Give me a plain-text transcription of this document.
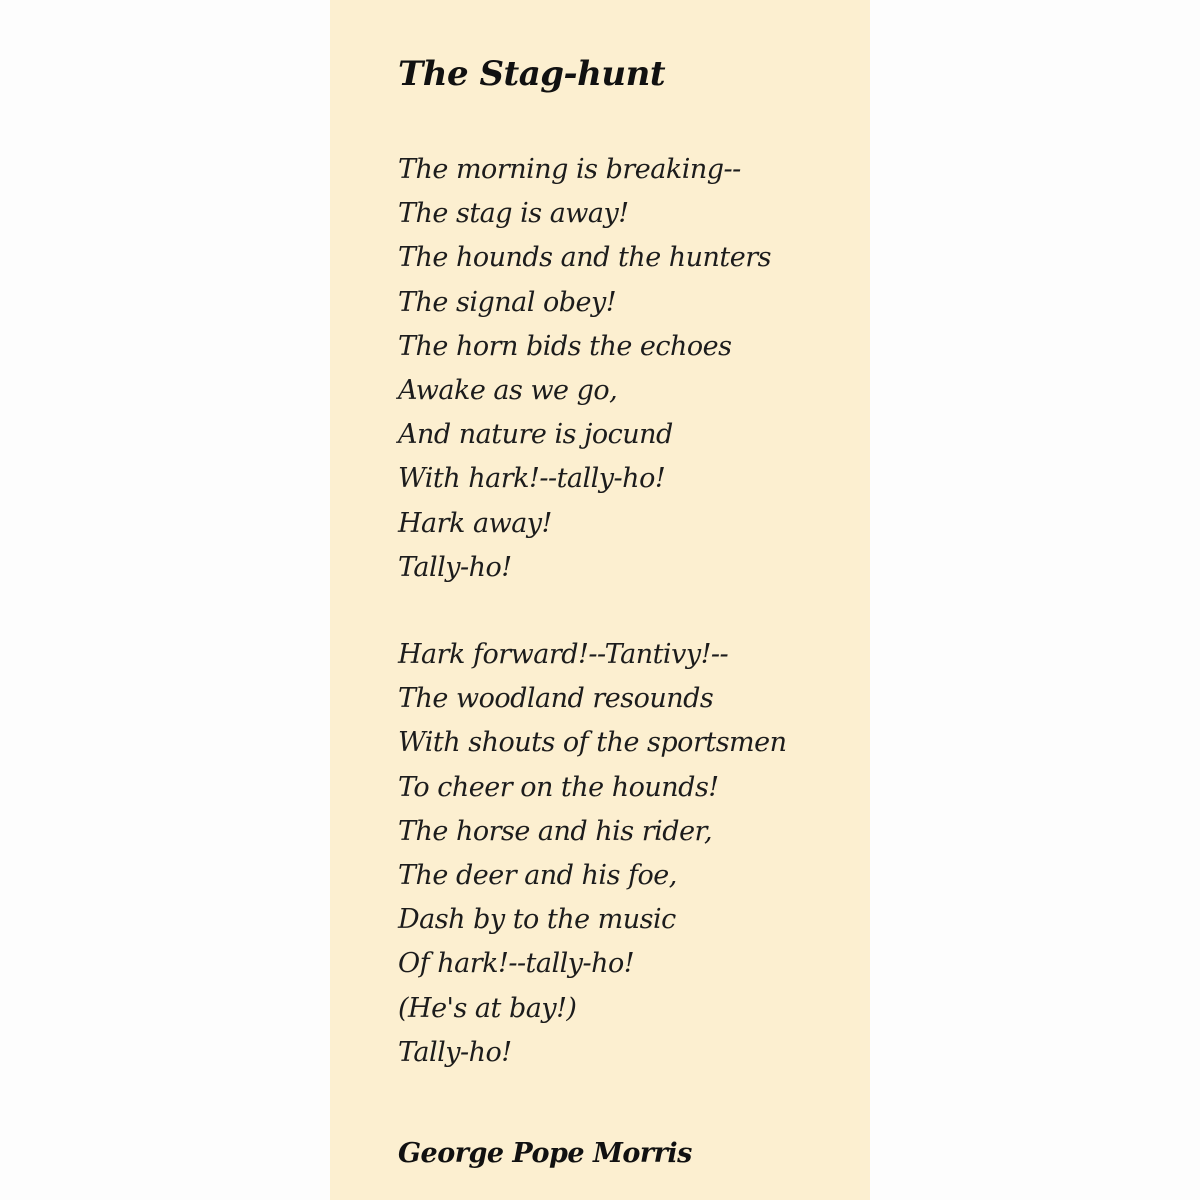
The Stag-hunt
The morning is breaking--
The stag is away!
The hounds and the hunters
The signal obey!
The horn bids the echoes
Awake as we go,
And nature is jocund
With hark!--tally-ho!
Hark away!
Tally-ho!
Hark forward!--Tantivy!--
The woodland resounds
With shouts of the sportsmen
To cheer on the hounds!
The horse and his rider,
The deer and his foe,
Dash by to the music
Of hark!--tally-ho!
(He's at bay!)
Tally-ho!

George Pope Morris
